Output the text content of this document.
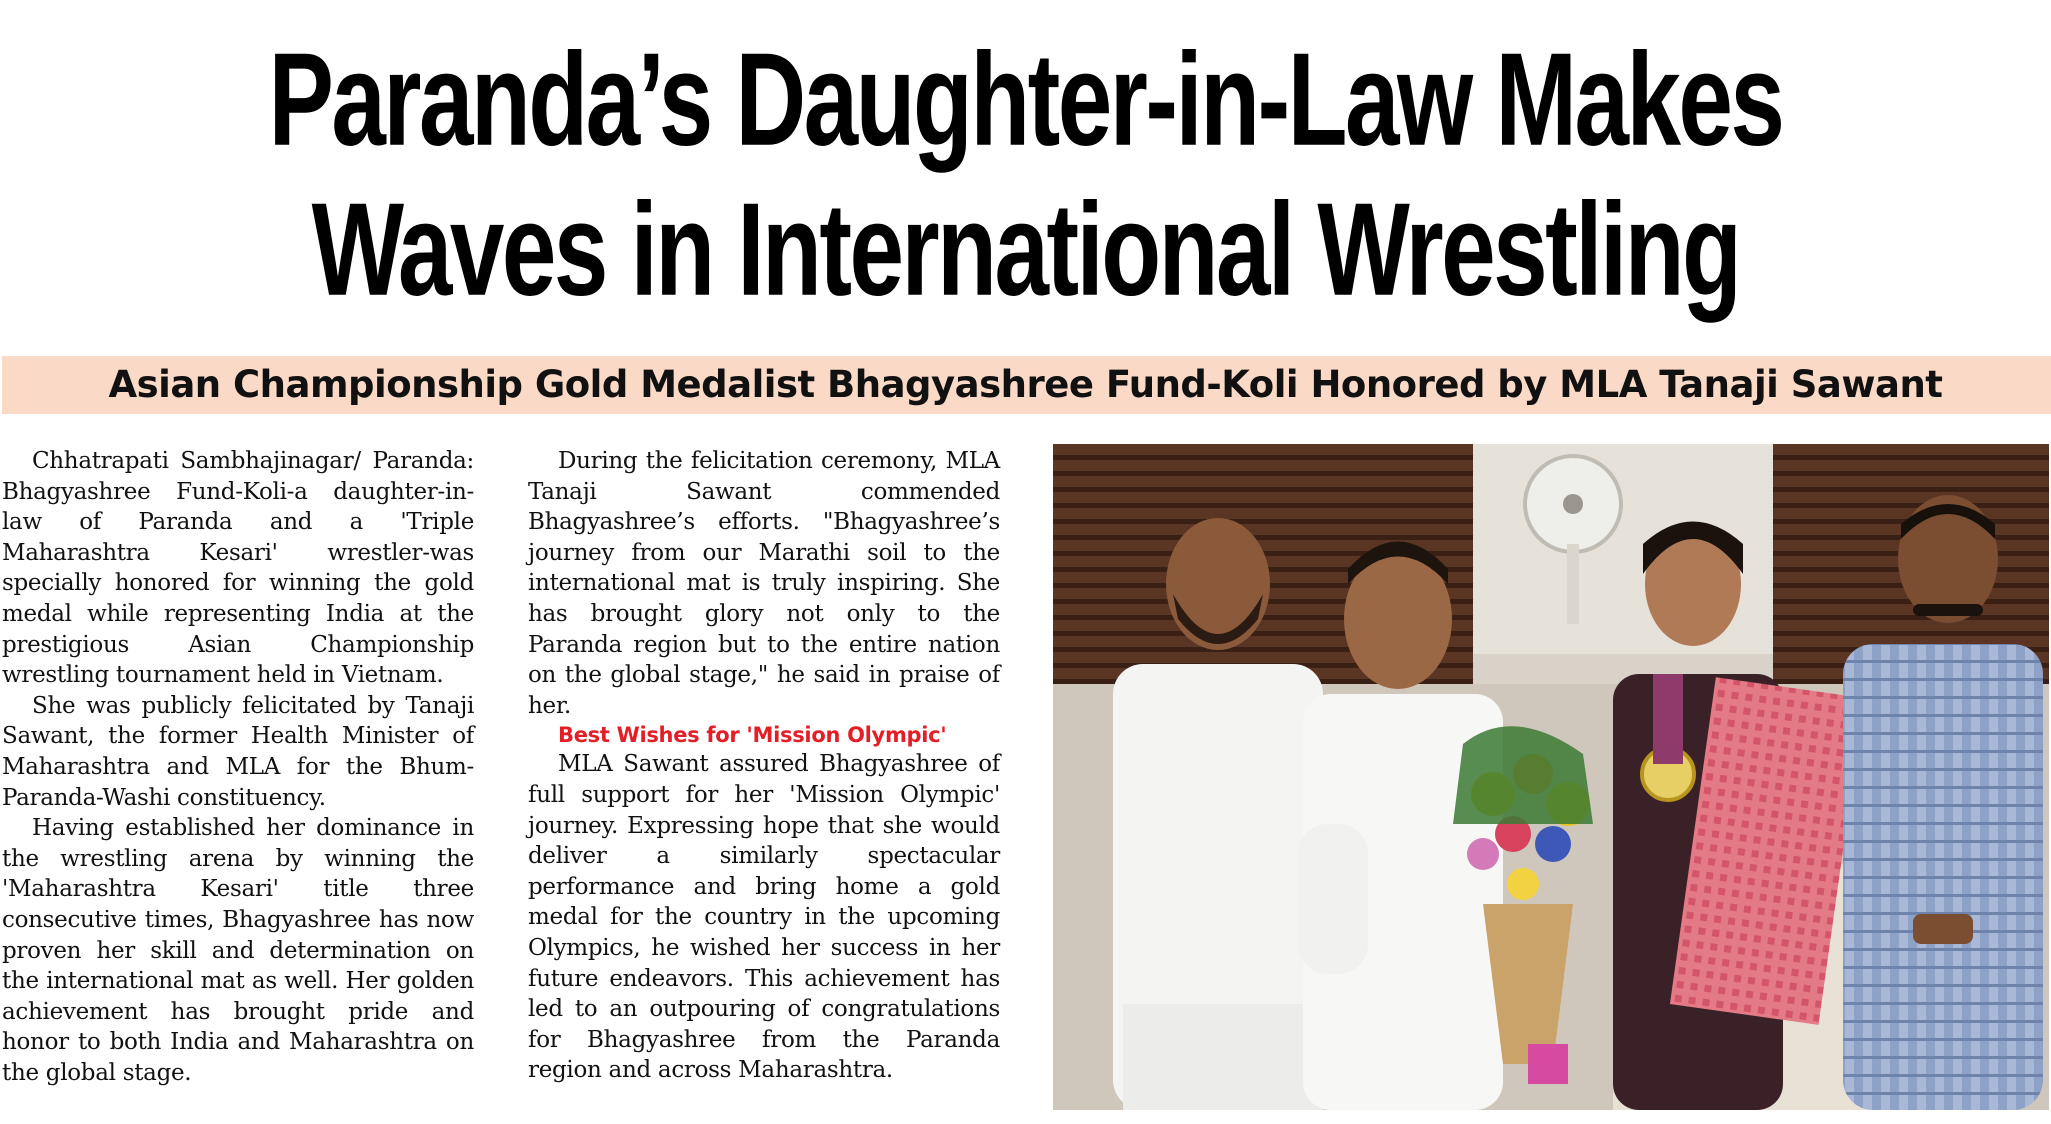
Paranda’s Daughter-in-Law Makes
Waves in International Wrestling
Asian Championship Gold Medalist Bhagyashree Fund-Koli Honored by MLA Tanaji Sawant

Chhatrapati Sambhajinagar/ Paranda: Bhagyashree Fund-Koli-a daughter-in-law of Paranda and a 'Triple Maharashtra Kesari' wrestler-was specially honored for winning the gold medal while representing India at the prestigious Asian Championship wrestling tournament held in Vietnam.

She was publicly felicitated by Tanaji Sawant, the former Health Minister of Maharashtra and MLA for the Bhum-Paranda-Washi constituency.

Having established her dominance in the wrestling arena by winning the 'Maharashtra Kesari' title three consecutive times, Bhagyashree has now proven her skill and determination on the international mat as well. Her golden achievement has brought pride and honor to both India and Maharashtra on the global stage.

During the felicitation ceremony, MLA Tanaji Sawant commended Bhagyashree’s efforts. "Bhagyashree’s journey from our Marathi soil to the international mat is truly inspiring. She has brought glory not only to the Paranda region but to the entire nation on the global stage," he said in praise of her.

Best Wishes for 'Mission Olympic'

MLA Sawant assured Bhagyashree of full support for her 'Mission Olympic' journey. Expressing hope that she would deliver a similarly spectacular performance and bring home a gold medal for the country in the upcoming Olympics, he wished her success in her future endeavors. This achievement has led to an outpouring of congratulations for Bhagyashree from the Paranda region and across Maharashtra.
